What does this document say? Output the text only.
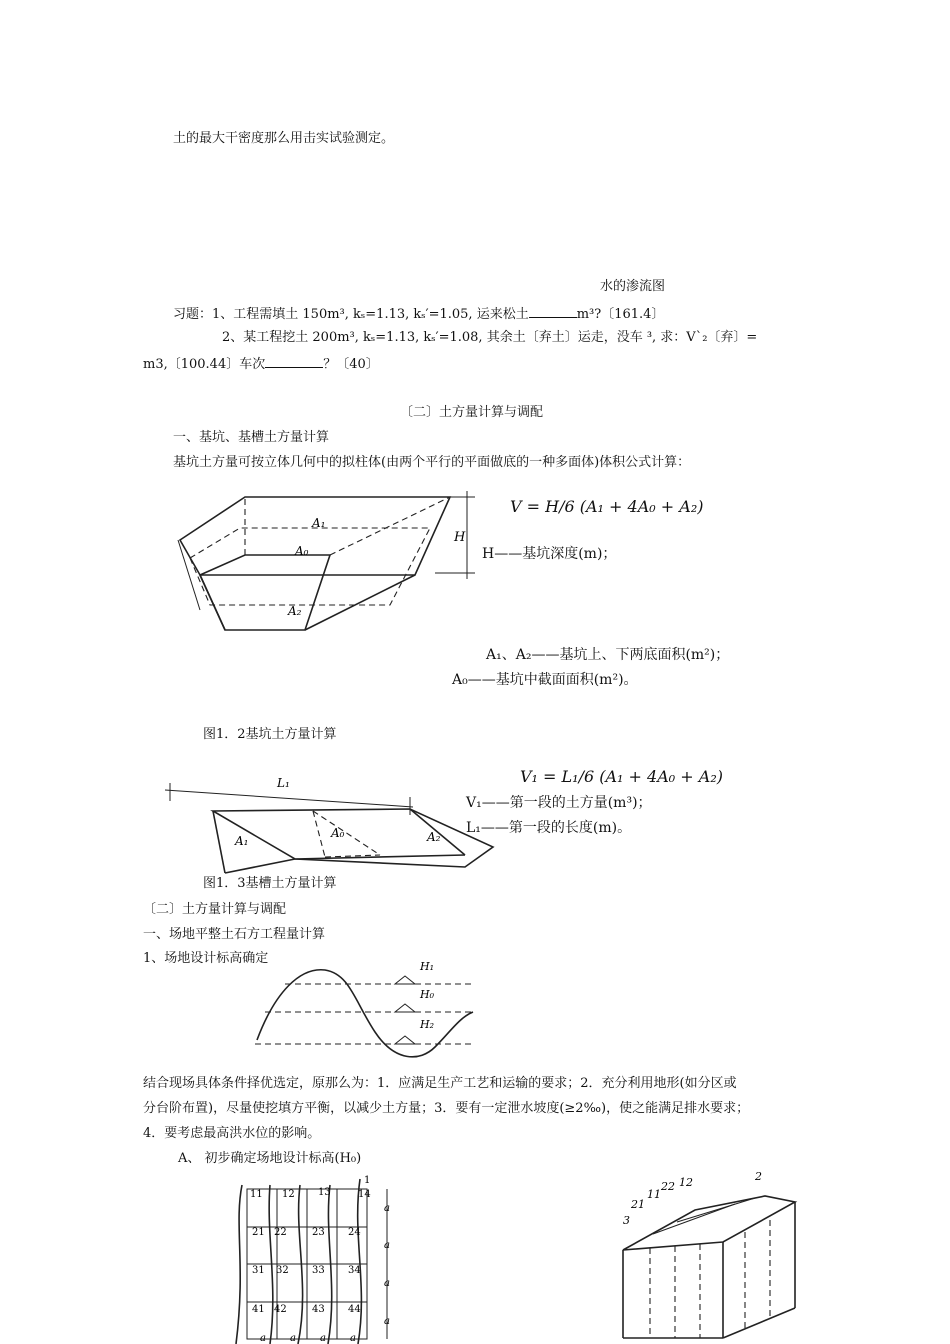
土的最大干密度那么用击实试验测定。
水的渗流图
习题：1、工程需填土 150m³, kₛ=1.13, kₛ′=1.05, 运来松土	m³?〔161.4〕
2、某工程挖土 200m³, kₛ=1.13, kₛ′=1.08, 其余土〔弃土〕运走，没车 ³, 求：V`₂〔弃〕=
m3,〔100.44〕车次	？〔40〕
〔二〕土方量计算与调配
一、基坑、基槽土方量计算
基坑土方量可按立体几何中的拟柱体(由两个平行的平面做底的一种多面体)体积公式计算：
A₁
A₀
A₂
H
V = H/6 (A₁ + 4A₀ + A₂)
H——基坑深度(m)；
A₁、A₂——基坑上、下两底面积(m²)；
A₀——基坑中截面面积(m²)。
图1．2基坑土方量计算
L₁
A₁
A₀	A₂
V₁ = L₁/6 (A₁ + 4A₀ + A₂)
V₁——第一段的土方量(m³)；
L₁——第一段的长度(m)。
图1．3基槽土方量计算
〔二〕土方量计算与调配
一、场地平整土石方工程量计算
1、场地设计标高确定
H₁
H₀
H₂
结合现场具体条件择优选定，原那么为：1．应满足生产工艺和运输的要求；2．充分利用地形(如分区或
分台阶布置)，尽量使挖填方平衡，以减少土方量；3．要有一定泄水坡度(≥2‰)，使之能满足排水要求；
4．要考虑最高洪水位的影响。
A、 初步确定场地设计标高(H₀)
11 12 13	14
21 22	23 24
31 32 33 34
41 42	43 44
1
a
a
a
a
a a a a
2
3
21
11
22 12
